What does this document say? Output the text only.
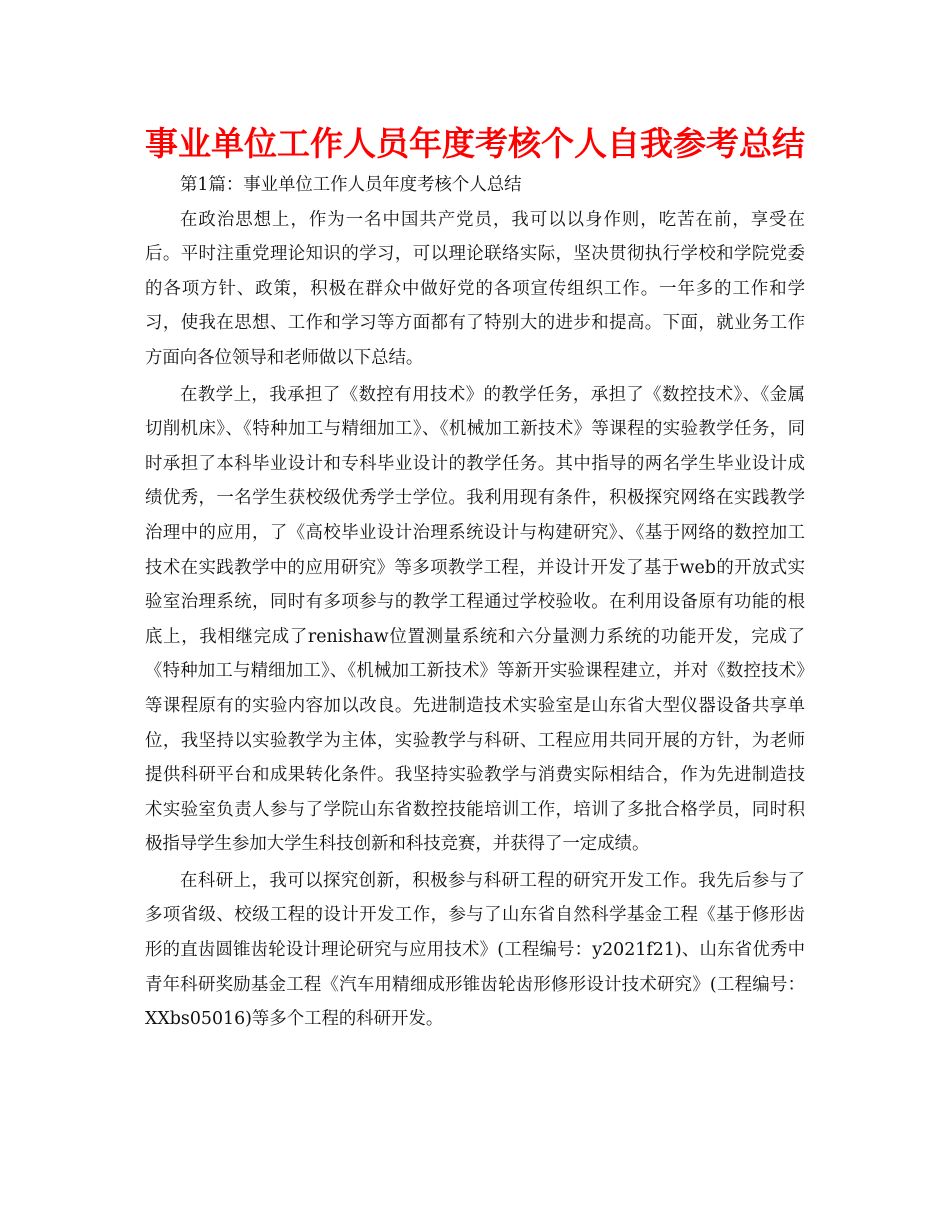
事业单位工作人员年度考核个人自我参考总结

第1篇：事业单位工作人员年度考核个人总结

在政治思想上，作为一名中国共产党员，我可以以身作则，吃苦在前，享受在后。平时注重党理论知识的学习，可以理论联络实际，坚决贯彻执行学校和学院党委的各项方针、政策，积极在群众中做好党的各项宣传组织工作。一年多的工作和学习，使我在思想、工作和学习等方面都有了特别大的进步和提高。下面，就业务工作方面向各位领导和老师做以下总结。

在教学上，我承担了《数控有用技术》的教学任务，承担了《数控技术》、《金属切削机床》、《特种加工与精细加工》、《机械加工新技术》等课程的实验教学任务，同时承担了本科毕业设计和专科毕业设计的教学任务。其中指导的两名学生毕业设计成绩优秀，一名学生获校级优秀学士学位。我利用现有条件，积极探究网络在实践教学治理中的应用，了《高校毕业设计治理系统设计与构建研究》、《基于网络的数控加工技术在实践教学中的应用研究》等多项教学工程，并设计开发了基于web的开放式实验室治理系统，同时有多项参与的教学工程通过学校验收。在利用设备原有功能的根底上，我相继完成了renishaw位置测量系统和六分量测力系统的功能开发，完成了《特种加工与精细加工》、《机械加工新技术》等新开实验课程建立，并对《数控技术》等课程原有的实验内容加以改良。先进制造技术实验室是山东省大型仪器设备共享单位，我坚持以实验教学为主体，实验教学与科研、工程应用共同开展的方针，为老师提供科研平台和成果转化条件。我坚持实验教学与消费实际相结合，作为先进制造技术实验室负责人参与了学院山东省数控技能培训工作，培训了多批合格学员，同时积极指导学生参加大学生科技创新和科技竞赛，并获得了一定成绩。

在科研上，我可以探究创新，积极参与科研工程的研究开发工作。我先后参与了多项省级、校级工程的设计开发工作，参与了山东省自然科学基金工程《基于修形齿形的直齿圆锥齿轮设计理论研究与应用技术》(工程编号：y2021f21)、山东省优秀中青年科研奖励基金工程《汽车用精细成形锥齿轮齿形修形设计技术研究》(工程编号：XXbs05016)等多个工程的科研开发。
